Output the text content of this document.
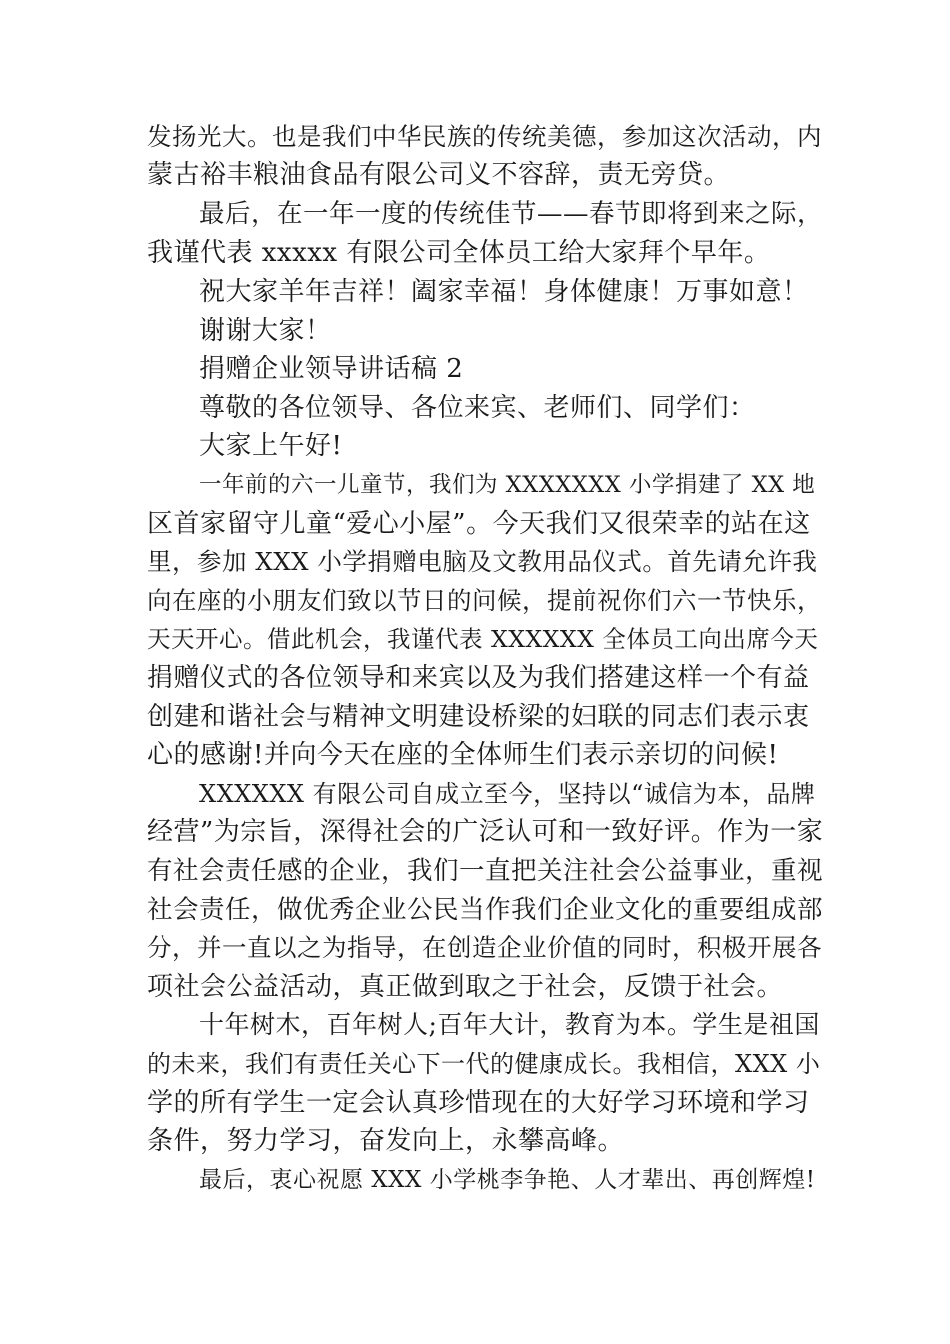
发扬光大。也是我们中华民族的传统美德，参加这次活动，内
蒙古裕丰粮油食品有限公司义不容辞，责无旁贷。
最后，在一年一度的传统佳节——春节即将到来之际，
我谨代表 xxxxx 有限公司全体员工给大家拜个早年。
祝大家羊年吉祥！阖家幸福！身体健康！万事如意！
谢谢大家！
捐赠企业领导讲话稿 2
尊敬的各位领导、各位来宾、老师们、同学们：
大家上午好!
一年前的六一儿童节，我们为 XXXXXXX 小学捐建了 XX 地
区首家留守儿童“爱心小屋”。今天我们又很荣幸的站在这
里，参加 XXX 小学捐赠电脑及文教用品仪式。首先请允许我
向在座的小朋友们致以节日的问候，提前祝你们六一节快乐，
天天开心。借此机会，我谨代表 XXXXXX 全体员工向出席今天
捐赠仪式的各位领导和来宾以及为我们搭建这样一个有益
创建和谐社会与精神文明建设桥梁的妇联的同志们表示衷
心的感谢!并向今天在座的全体师生们表示亲切的问候!
XXXXXX 有限公司自成立至今，坚持以“诚信为本，品牌
经营”为宗旨，深得社会的广泛认可和一致好评。作为一家
有社会责任感的企业，我们一直把关注社会公益事业，重视
社会责任，做优秀企业公民当作我们企业文化的重要组成部
分，并一直以之为指导，在创造企业价值的同时，积极开展各
项社会公益活动，真正做到取之于社会，反馈于社会。
十年树木，百年树人;百年大计，教育为本。学生是祖国
的未来，我们有责任关心下一代的健康成长。我相信，XXX 小
学的所有学生一定会认真珍惜现在的大好学习环境和学习
条件，努力学习，奋发向上，永攀高峰。
最后，衷心祝愿 XXX 小学桃李争艳、人才辈出、再创辉煌!
